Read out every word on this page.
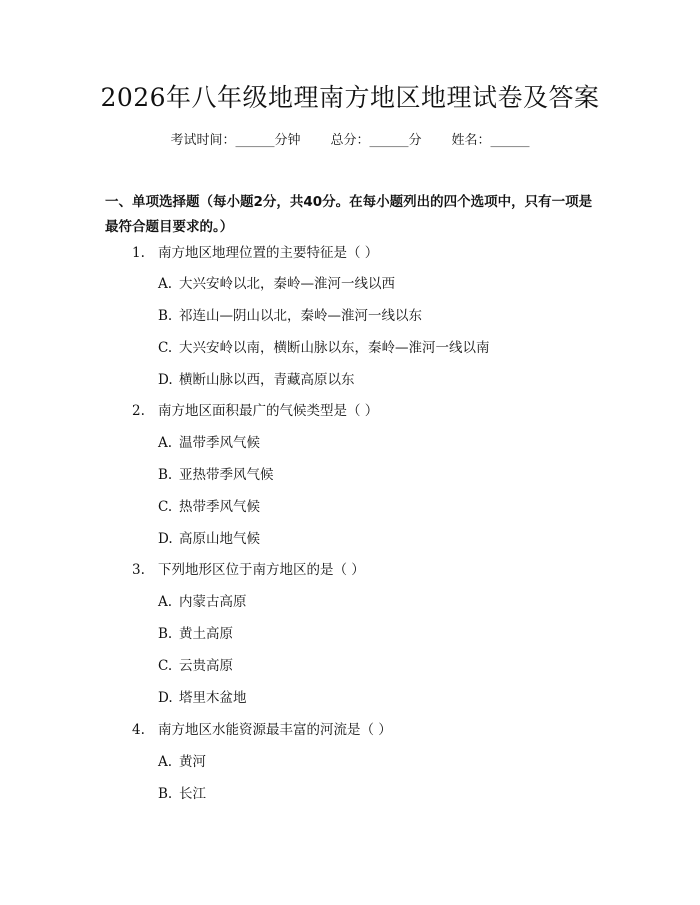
2026年八年级地理南方地区地理试卷及答案
考试时间：______分钟 总分：______分 姓名：______
一、单项选择题（每小题2分，共40分。在每小题列出的四个选项中，只有一项是最符合题目要求的。）
1. 南方地区地理位置的主要特征是（ ）
A. 大兴安岭以北，秦岭—淮河一线以西
B. 祁连山—阴山以北，秦岭—淮河一线以东
C. 大兴安岭以南，横断山脉以东，秦岭—淮河一线以南
D. 横断山脉以西，青藏高原以东
2. 南方地区面积最广的气候类型是（ ）
A. 温带季风气候
B. 亚热带季风气候
C. 热带季风气候
D. 高原山地气候
3. 下列地形区位于南方地区的是（ ）
A. 内蒙古高原
B. 黄土高原
C. 云贵高原
D. 塔里木盆地
4. 南方地区水能资源最丰富的河流是（ ）
A. 黄河
B. 长江
